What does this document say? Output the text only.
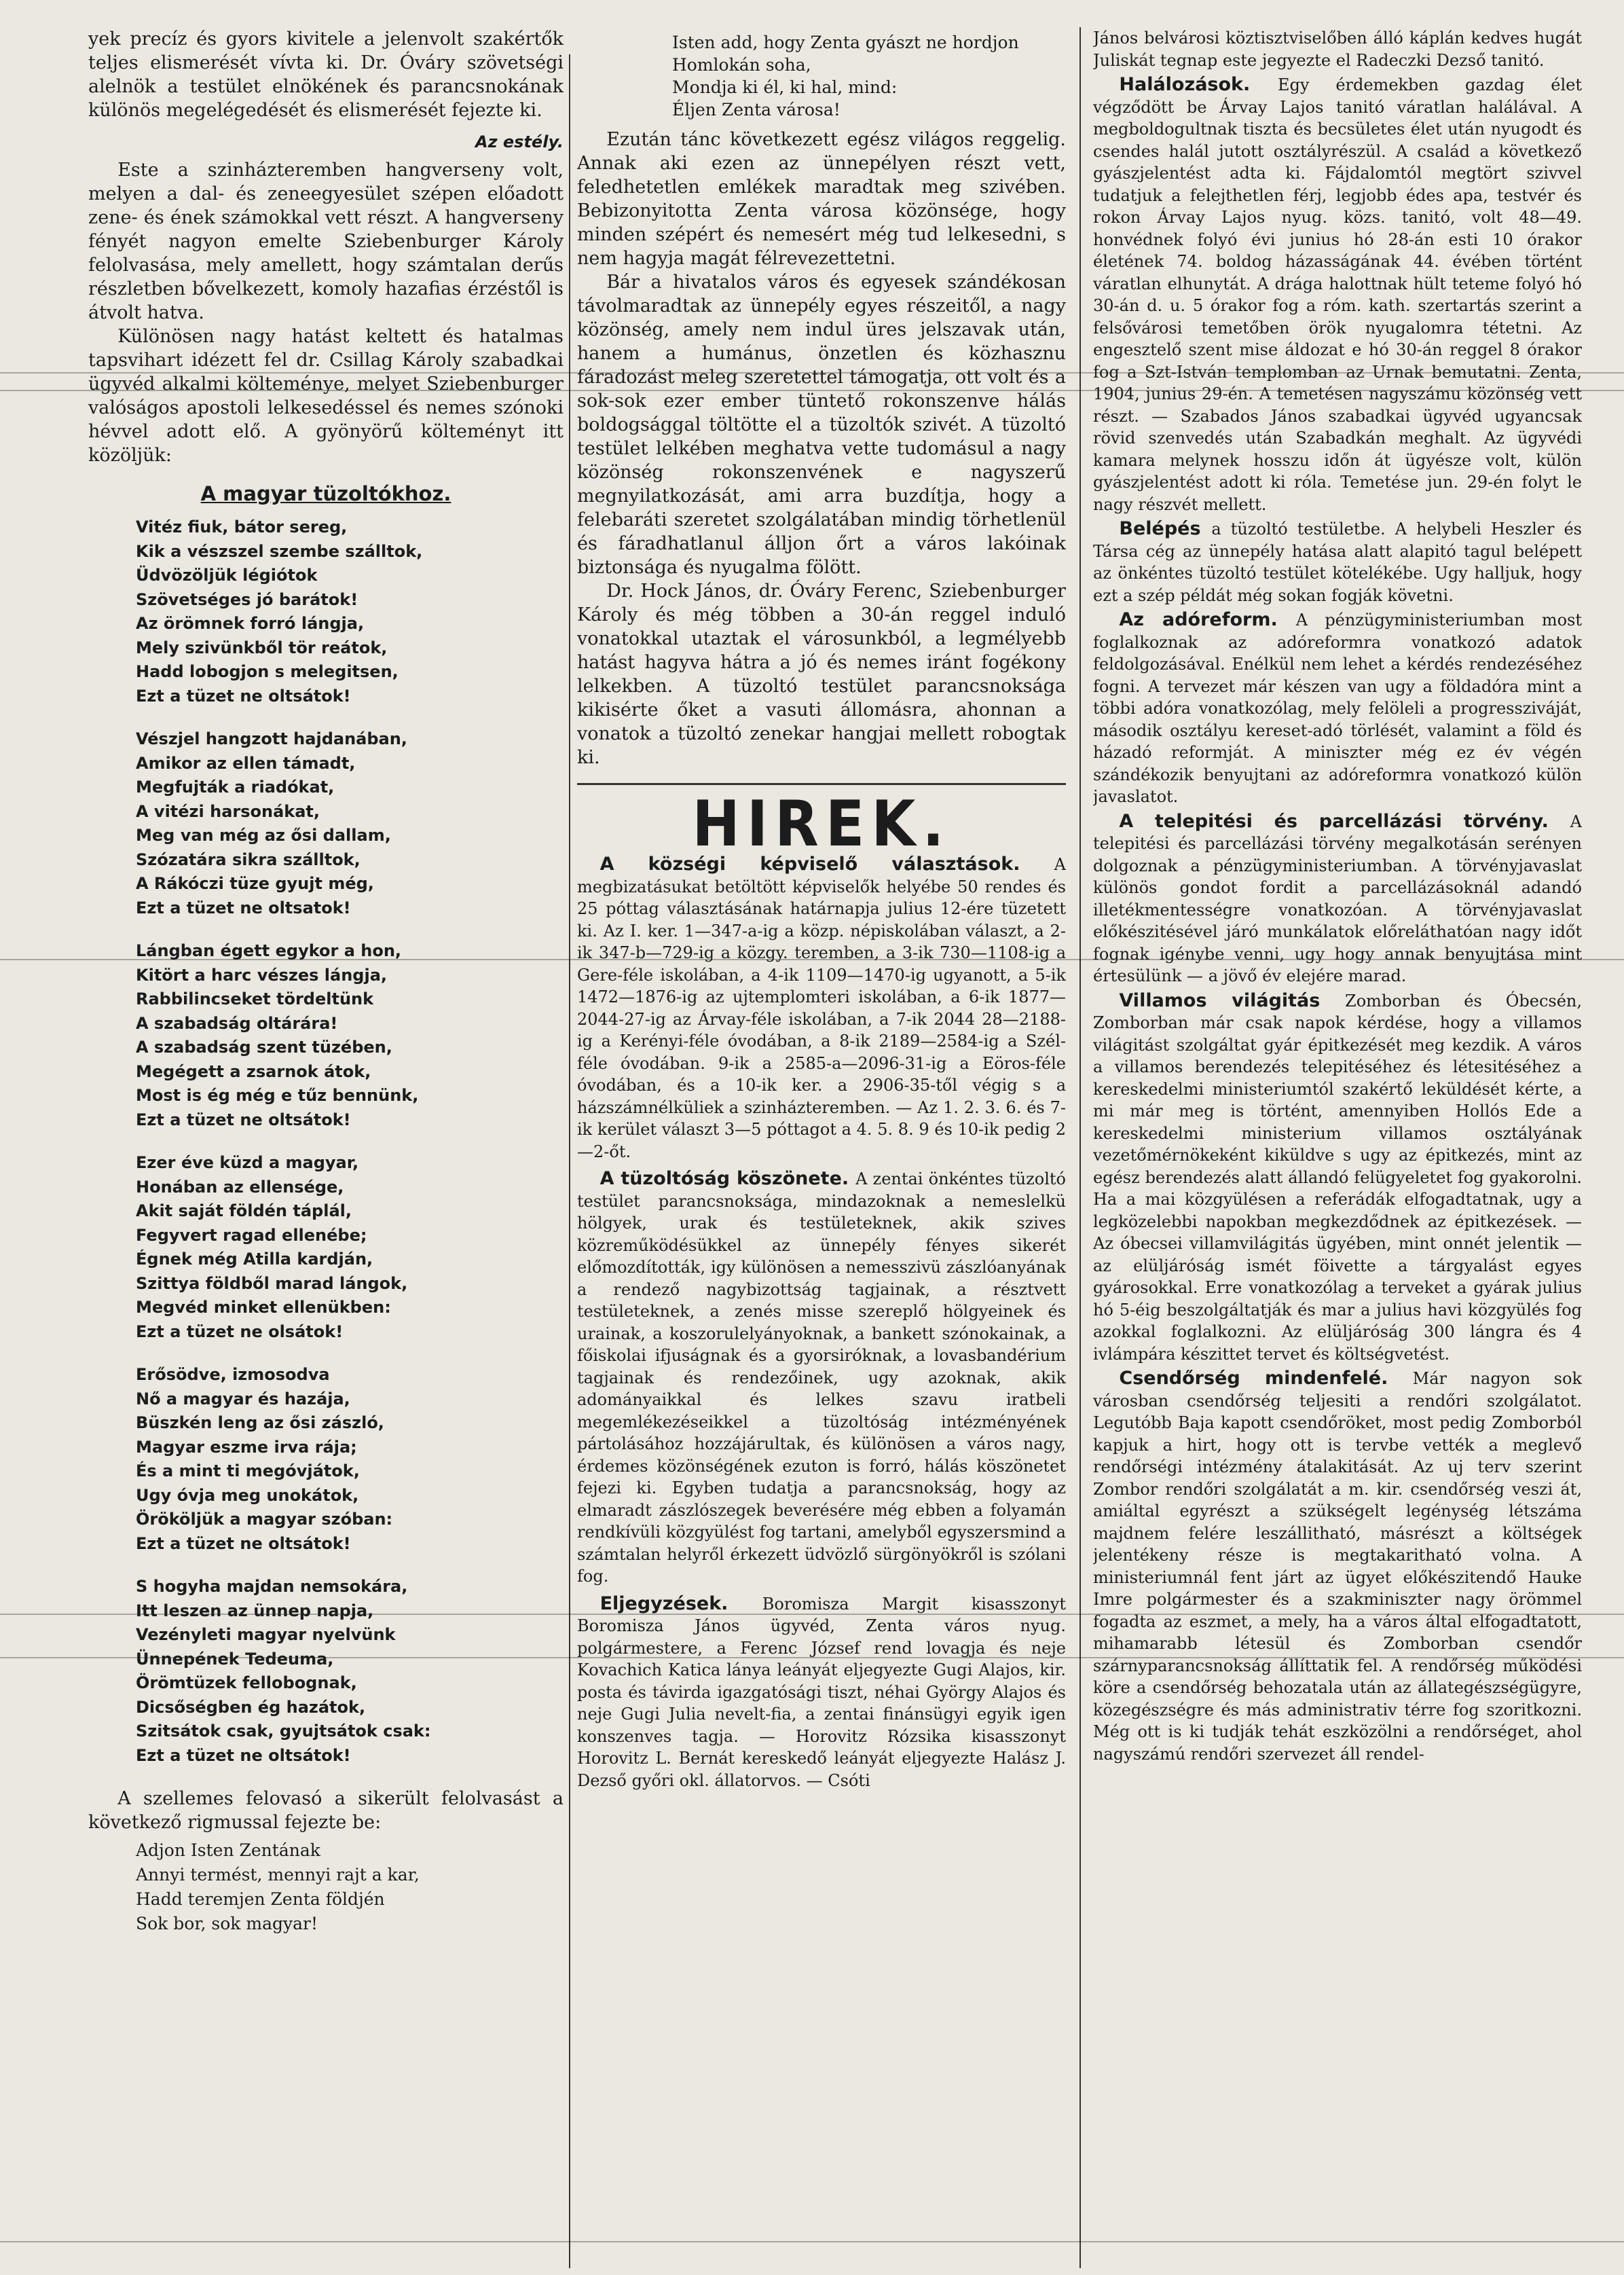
yek precíz és gyors kivitele a jelenvolt szakértők teljes elismerését vívta ki. Dr. Óváry szövetségi alelnök a testület elnökének és parancsnokának különös megelégedését és elismerését fejezte ki.

Az estély.

Este a szinházteremben hangverseny volt, melyen a dal- és zeneegyesület szépen előadott zene- és ének számokkal vett részt. A hangverseny fényét nagyon emelte Sziebenburger Károly felolvasása, mely amellett, hogy számtalan derűs részletben bővelkezett, komoly hazafias érzéstől is átvolt hatva.

Különösen nagy hatást keltett és hatalmas tapsvihart idézett fel dr. Csillag Károly szabadkai ügyvéd alkalmi költeménye, melyet Sziebenburger valóságos apostoli lelkesedéssel és nemes szónoki hévvel adott elő. A gyönyörű költeményt itt közöljük:

A magyar tüzoltókhoz.
Vitéz fiuk, bátor sereg,
Kik a vészszel szembe szálltok,
Üdvözöljük légiótok
Szövetséges jó barátok!
Az örömnek forró lángja,
Mely szivünkből tör reátok,
Hadd lobogjon s melegitsen,
Ezt a tüzet ne oltsátok!
Vészjel hangzott hajdanában,
Amikor az ellen támadt,
Megfujták a riadókat,
A vitézi harsonákat,
Meg van még az ősi dallam,
Szózatára sikra szálltok,
A Rákóczi tüze gyujt még,
Ezt a tüzet ne oltsatok!
Lángban égett egykor a hon,
Kitört a harc vészes lángja,
Rabbilincseket tördeltünk
A szabadság oltárára!
A szabadság szent tüzében,
Megégett a zsarnok átok,
Most is ég még e tűz bennünk,
Ezt a tüzet ne oltsátok!
Ezer éve küzd a magyar,
Honában az ellensége,
Akit saját földén táplál,
Fegyvert ragad ellenébe;
Égnek még Atilla kardján,
Szittya földből marad lángok,
Megvéd minket ellenükben:
Ezt a tüzet ne olsátok!
Erősödve, izmosodva
Nő a magyar és hazája,
Büszkén leng az ősi zászló,
Magyar eszme irva rája;
És a mint ti megóvjátok,
Ugy óvja meg unokátok,
Örököljük a magyar szóban:
Ezt a tüzet ne oltsátok!
S hogyha majdan nemsokára,
Itt leszen az ünnep napja,
Vezényleti magyar nyelvünk
Ünnepének Tedeuma,
Örömtüzek fellobognak,
Dicsőségben ég hazátok,
Szitsátok csak, gyujtsátok csak:
Ezt a tüzet ne oltsátok!

A szellemes felovasó a sikerült felolvasást a következő rigmussal fejezte be:

Adjon Isten Zentának
Annyi termést, mennyi rajt a kar,
Hadd teremjen Zenta földjén
Sok bor, sok magyar!
Isten add, hogy Zenta gyászt ne hordjon
Homlokán soha,
Mondja ki él, ki hal, mind:
Éljen Zenta városa!

Ezután tánc következett egész világos reggelig. Annak aki ezen az ünnepélyen részt vett, feledhetetlen emlékek maradtak meg szivében. Bebizonyitotta Zenta városa közönsége, hogy minden szépért és nemesért még tud lelkesedni, s nem hagyja magát félrevezettetni.

Bár a hivatalos város és egyesek szándékosan távolmaradtak az ünnepély egyes részeitől, a nagy közönség, amely nem indul üres jelszavak után, hanem a humánus, önzetlen és közhasznu fáradozást meleg szeretettel támogatja, ott volt és a sok-sok ezer ember tüntető rokonszenve hálás boldogsággal töltötte el a tüzoltók szivét. A tüzoltó testület lelkében meghatva vette tudomásul a nagy közönség rokonszenvének e nagyszerű megnyilatkozását, ami arra buzdítja, hogy a felebaráti szeretet szolgálatában mindig törhetlenül és fáradhatlanul álljon őrt a város lakóinak biztonsága és nyugalma fölött.

Dr. Hock János, dr. Óváry Ferenc, Sziebenburger Károly és még többen a 30-án reggel induló vonatokkal utaztak el városunkból, a legmélyebb hatást hagyva hátra a jó és nemes iránt fogékony lelkekben. A tüzoltó testület parancsnoksága kikisérte őket a vasuti állomásra, ahonnan a vonatok a tüzoltó zenekar hangjai mellett robogtak ki.

HIREK.
A községi képviselő választások. A megbizatásukat betöltött képviselők helyébe 50 rendes és 25 póttag választásának határnapja julius 12-ére tüzetett ki. Az I. ker. 1—347-a-ig a közp. népiskolában választ, a 2-ik 347-b—729-ig a közgy. teremben, a 3-ik 730—1108-ig a Gere-féle iskolában, a 4-ik 1109—1470-ig ugyanott, a 5-ik 1472—1876-ig az ujtemplomteri iskolában, a 6-ik 1877—2044-27-ig az Árvay-féle iskolában, a 7-ik 2044 28—2188-ig a Kerényi-féle óvodában, a 8-ik 2189—2584-ig a Szél-féle óvodában. 9-ik a 2585-a—2096-31-ig a Eöros-féle óvodában, és a 10-ik ker. a 2906-35-től végig s a házszámnélküliek a szinházteremben. — Az 1. 2. 3. 6. és 7-ik kerület választ 3—5 póttagot a 4. 5. 8. 9 és 10-ik pedig 2—2-őt.
A tüzoltóság köszönete. A zentai önkéntes tüzoltó testület parancsnoksága, mindazoknak a nemeslelkü hölgyek, urak és testületeknek, akik szives közreműködésükkel az ünnepély fényes sikerét előmozdították, igy különösen a nemesszivü zászlóanyának a rendező nagybizottság tagjainak, a résztvett testületeknek, a zenés misse szereplő hölgyeinek és urainak, a koszorulelyányoknak, a bankett szónokainak, a főiskolai ifjuságnak és a gyorsiróknak, a lovasbandérium tagjainak és rendezőinek, ugy azoknak, akik adományaikkal és lelkes szavu iratbeli megemlékezéseikkel a tüzoltóság intézményének pártolásához hozzájárultak, és különösen a város nagy, érdemes közönségének ezuton is forró, hálás köszönetet fejezi ki. Egyben tudatja a parancsnokság, hogy az elmaradt zászlószegek beverésére még ebben a folyamán rendkívüli közgyülést fog tartani, amelyből egyszersmind a számtalan helyről érkezett üdvözlő sürgönyökről is szólani fog.
Eljegyzések. Boromisza Margit kisasszonyt Boromisza János ügyvéd, Zenta város nyug. polgármestere, a Ferenc József rend lovagja és neje Kovachich Katica lánya leányát eljegyezte Gugi Alajos, kir. posta és távirda igazgatósági tiszt, néhai György Alajos és neje Gugi Julia nevelt-fia, a zentai finánsügyi egyik igen konszenves tagja. — Horovitz Rózsika kisasszonyt Horovitz L. Bernát kereskedő leányát eljegyezte Halász J. Dezső győri okl. állatorvos. — Csóti

János belvárosi köztisztviselőben álló káplán kedves hugát Juliskát tegnap este jegyezte el Radeczki Dezső tanitó.

Halálozások. Egy érdemekben gazdag élet végződött be Árvay Lajos tanitó váratlan halálával. A megboldogultnak tiszta és becsületes élet után nyugodt és csendes halál jutott osztályrészül. A család a következő gyászjelentést adta ki. Fájdalomtól megtört szivvel tudatjuk a felejthetlen férj, legjobb édes apa, testvér és rokon Árvay Lajos nyug. közs. tanitó, volt 48—49. honvédnek folyó évi junius hó 28-án esti 10 órakor életének 74. boldog házasságának 44. évében történt váratlan elhunytát. A drága halottnak hült teteme folyó hó 30-án d. u. 5 órakor fog a róm. kath. szertartás szerint a felsővárosi temetőben örök nyugalomra tétetni. Az engesztelő szent mise áldozat e hó 30-án reggel 8 órakor fog a Szt-István templomban az Urnak bemutatni. Zenta, 1904, junius 29-én. A temetésen nagyszámu közönség vett részt. — Szabados János szabadkai ügyvéd ugyancsak rövid szenvedés után Szabadkán meghalt. Az ügyvédi kamara melynek hosszu időn át ügyésze volt, külön gyászjelentést adott ki róla. Temetése jun. 29-én folyt le nagy részvét mellett.

Belépés a tüzoltó testületbe. A helybeli Heszler és Társa cég az ünnepély hatása alatt alapitó tagul belépett az önkéntes tüzoltó testület kötelékébe. Ugy halljuk, hogy ezt a szép példát még sokan fogják követni.

Az adóreform. A pénzügyministeriumban most foglalkoznak az adóreformra vonatkozó adatok feldolgozásával. Enélkül nem lehet a kérdés rendezéséhez fogni. A tervezet már készen van ugy a földadóra mint a többi adóra vonatkozólag, mely felöleli a progressziváját, második osztályu kereset-adó törlését, valamint a föld és házadó reformját. A miniszter még ez év végén szándékozik benyujtani az adóreformra vonatkozó külön javaslatot.

A telepitési és parcellázási törvény. A telepitési és parcellázási törvény megalkotásán serényen dolgoznak a pénzügyministeriumban. A törvényjavaslat különös gondot fordit a parcellázásoknál adandó illetékmentességre vonatkozóan. A törvényjavaslat előkészitésével járó munkálatok előreláthatóan nagy időt fognak igénybe venni, ugy hogy annak benyujtása mint értesülünk — a jövő év elejére marad.

Villamos világitás Zomborban és Óbecsén, Zomborban már csak napok kérdése, hogy a villamos világitást szolgáltat gyár épitkezését meg kezdik. A város a villamos berendezés telepitéséhez és létesitéséhez a kereskedelmi ministeriumtól szakértő leküldését kérte, a mi már meg is történt, amennyiben Hollós Ede a kereskedelmi ministerium villamos osztályának vezetőmérnökeként kiküldve s ugy az épitkezés, mint az egész berendezés alatt állandó felügyeletet fog gyakorolni. Ha a mai közgyülésen a referádák elfogadtatnak, ugy a legközelebbi napokban megkezdődnek az épitkezések. — Az óbecsei villamvilágitás ügyében, mint onnét jelentik — az elüljáróság ismét föivette a tárgyalást egyes gyárosokkal. Erre vonatkozólag a terveket a gyárak julius hó 5-éig beszolgáltatják és mar a julius havi közgyülés fog azokkal foglalkozni. Az elüljáróság 300 lángra és 4 ivlámpára készittet tervet és költségvetést.

Csendőrség mindenfelé. Már nagyon sok városban csendőrség teljesiti a rendőri szolgálatot. Legutóbb Baja kapott csendőröket, most pedig Zomborból kapjuk a hirt, hogy ott is tervbe vették a meglevő rendőrségi intézmény átalakitását. Az uj terv szerint Zombor rendőri szolgálatát a m. kir. csendőrség veszi át, amiáltal egyrészt a szükségelt legénység létszáma majdnem felére leszállitható, másrészt a költségek jelentékeny része is megtakaritható volna. A ministeriumnál fent járt az ügyet előkészitendő Hauke Imre polgármester és a szakminiszter nagy örömmel fogadta az eszmet, a mely, ha a város által elfogadtatott, mihamarabb létesül és Zomborban csendőr szárnyparancsnokság állíttatik fel. A rendőrség működési köre a csendőrség behozatala után az állategészségügyre, közegészségre és más administrativ térre fog szoritkozni. Még ott is ki tudják tehát eszközölni a rendőrséget, ahol nagyszámú rendőri szervezet áll rendel-
